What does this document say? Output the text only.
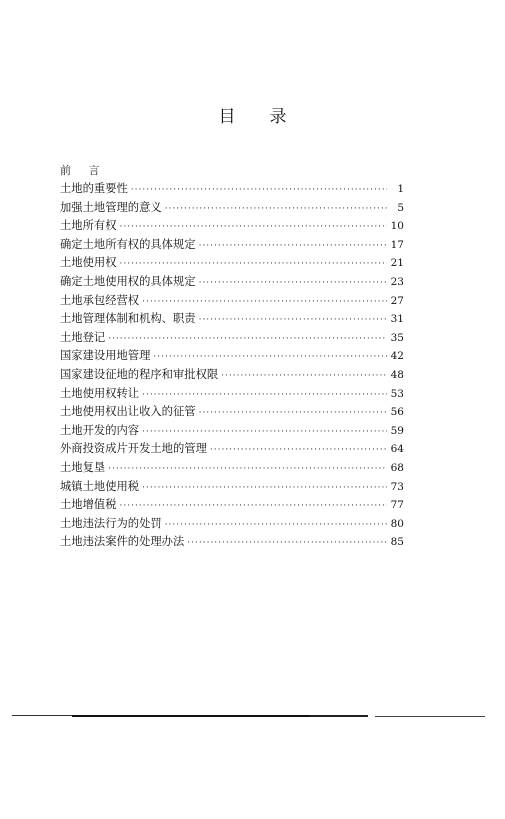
目 录
前 言
土地的重要性 ·····	1
加强土地管理的意义 ·····	5
土地所有权 ·····	10
确定土地所有权的具体规定 ·····	17
土地使用权 ·····	21
确定土地使用权的具体规定 ·····	23
土地承包经营权 ·····	27
土地管理体制和机构、职责 ·····	31
土地登记 ·····	35
国家建设用地管理 ·····	42
国家建设征地的程序和审批权限 ·····	48
土地使用权转让 ·····	53
土地使用权出让收入的征管 ·····	56
土地开发的内容 ·····	59
外商投资成片开发土地的管理 ·····	64
土地复垦 ·····	68
城镇土地使用税 ·····	73
土地增值税 ·····	77
土地违法行为的处罚 ·····	80
土地违法案件的处理办法 ·····	85
